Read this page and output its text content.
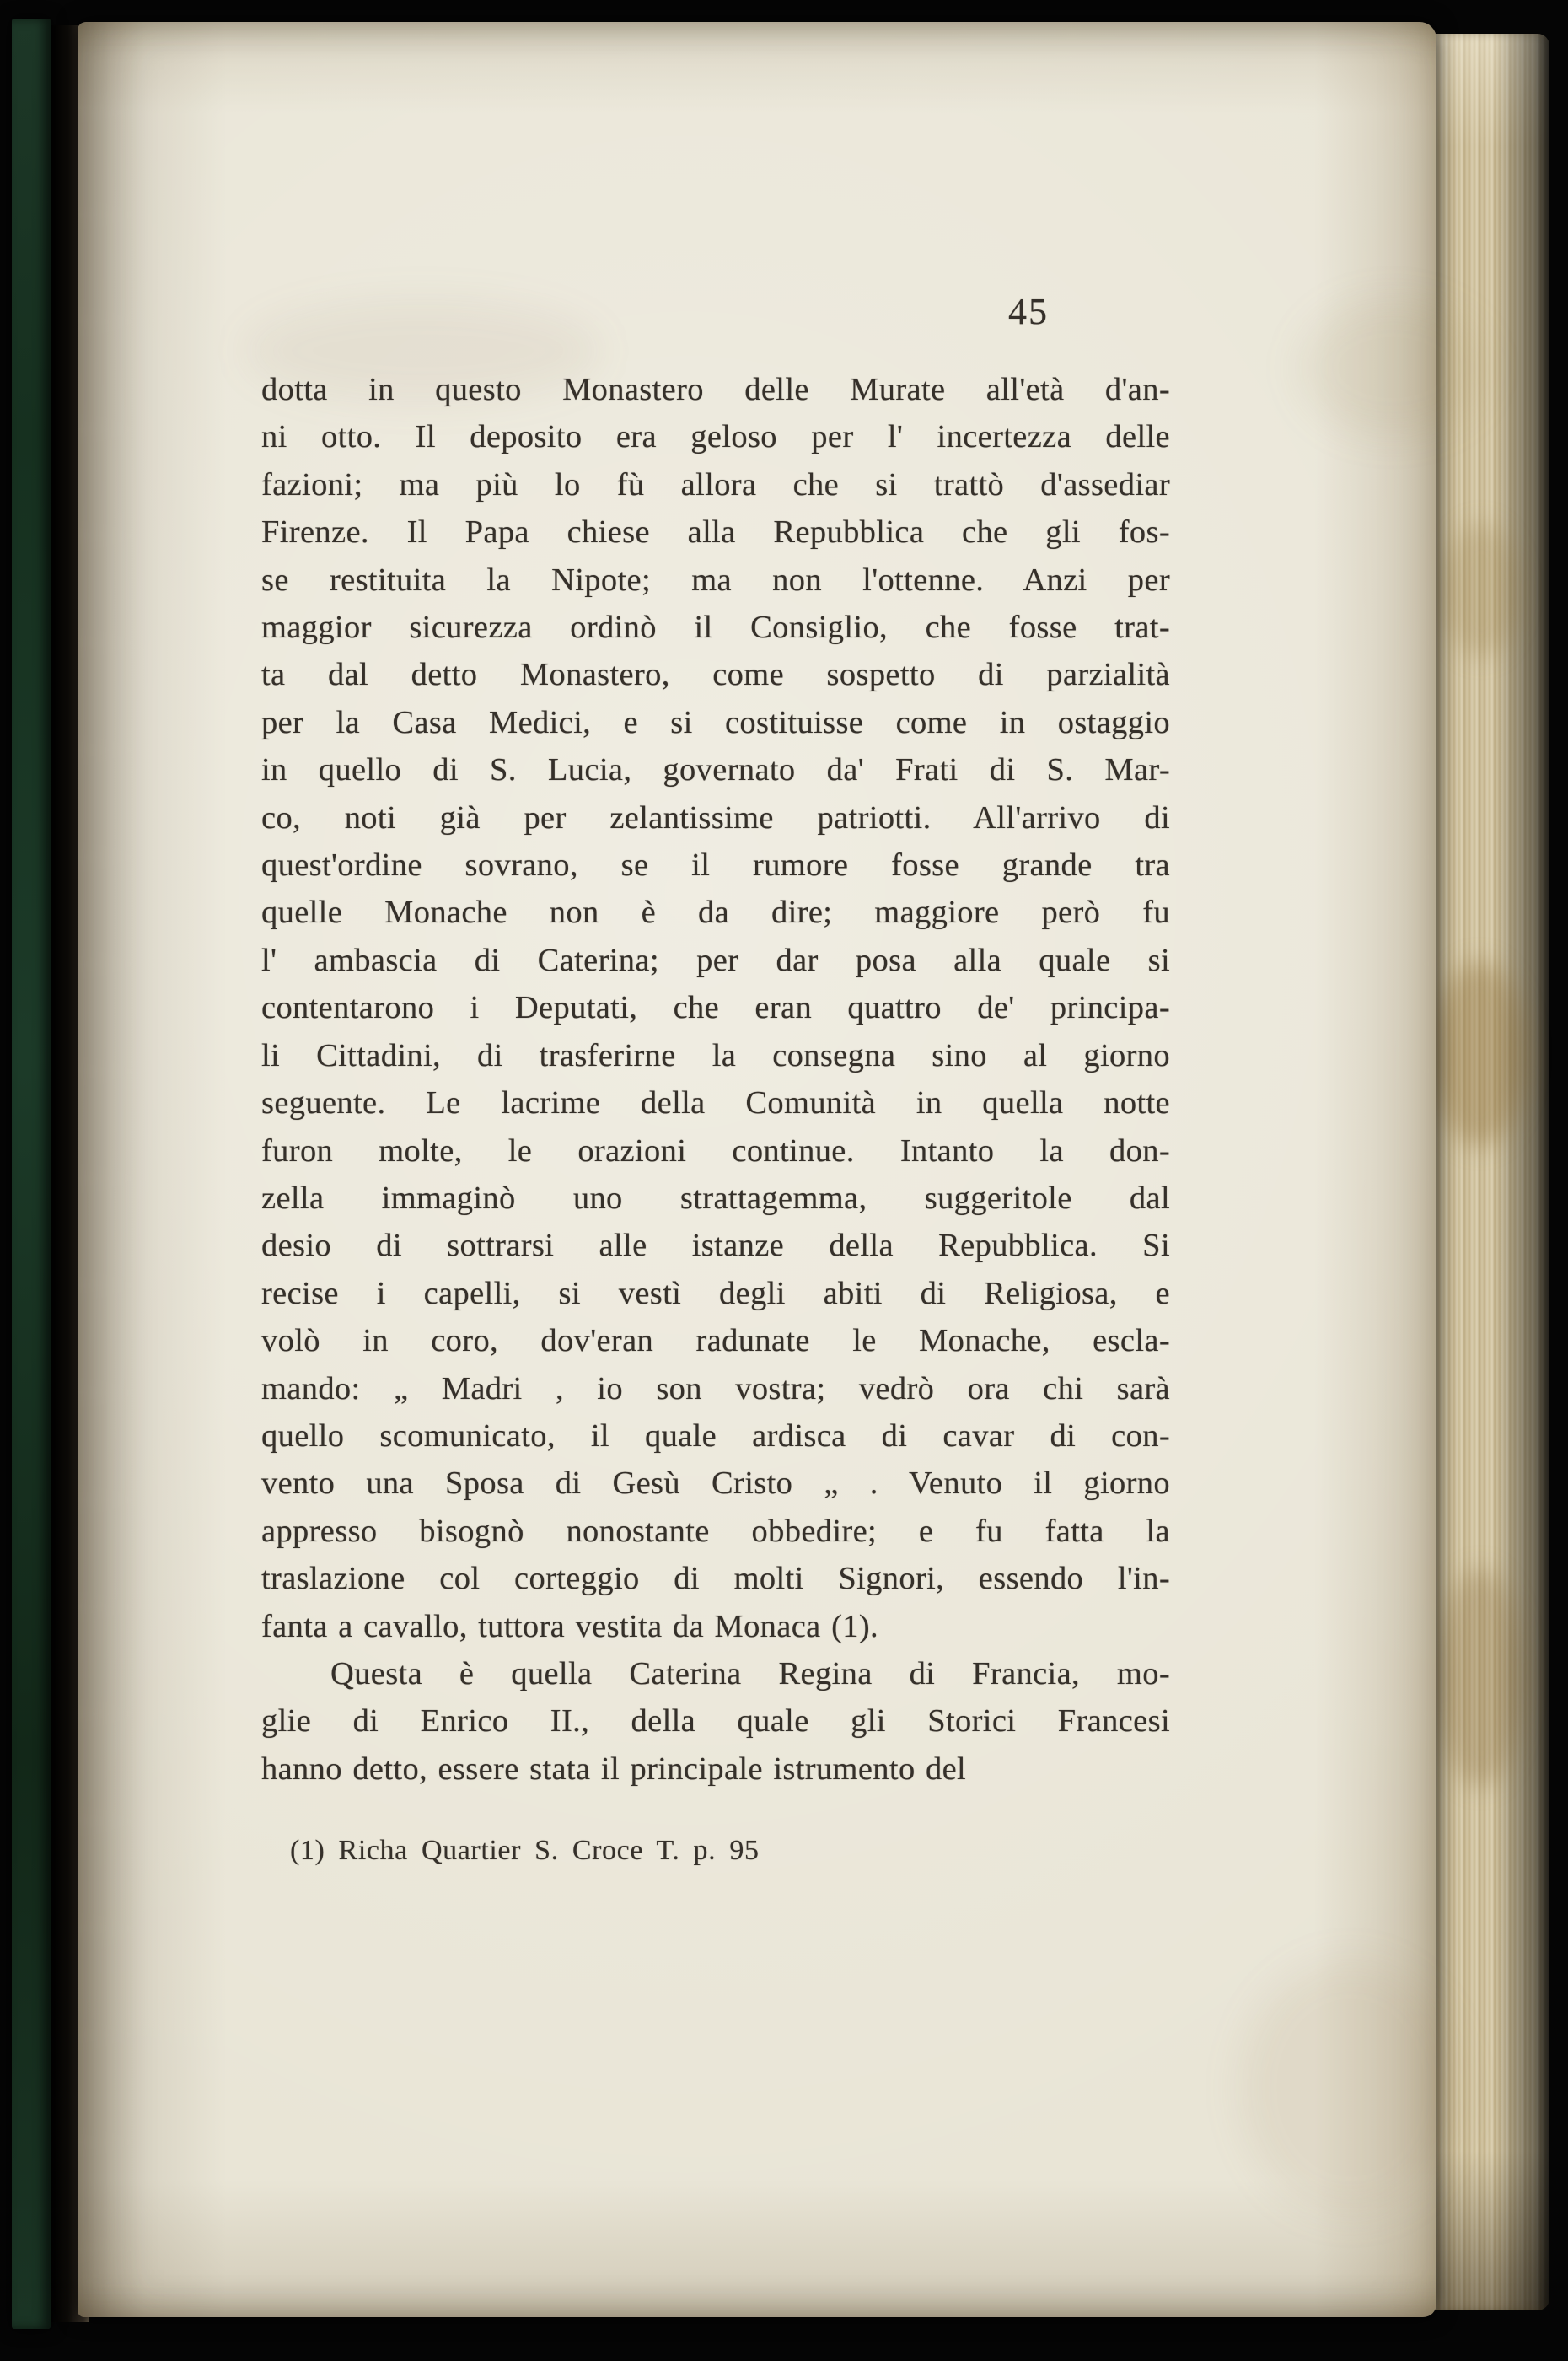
45
dotta in questo Monastero delle Murate all'età d'an-
ni otto. Il deposito era geloso per l' incertezza delle
fazioni; ma più lo fù allora che si trattò d'assediar
Firenze. Il Papa chiese alla Repubblica che gli fos-
se restituita la Nipote; ma non l'ottenne. Anzi per
maggior sicurezza ordinò il Consiglio, che fosse trat-
ta dal detto Monastero, come sospetto di parzialità
per la Casa Medici, e si costituisse come in ostaggio
in quello di S. Lucia, governato da' Frati di S. Mar-
co, noti già per zelantissime patriotti. All'arrivo di
quest'ordine sovrano, se il rumore fosse grande tra
quelle Monache non è da dire; maggiore però fu
l' ambascia di Caterina; per dar posa alla quale si
contentarono i Deputati, che eran quattro de' principa-
li Cittadini, di trasferirne la consegna sino al giorno
seguente. Le lacrime della Comunità in quella notte
furon molte, le orazioni continue. Intanto la don-
zella immaginò uno strattagemma, suggeritole dal
desio di sottrarsi alle istanze della Repubblica. Si
recise i capelli, si vestì degli abiti di Religiosa, e
volò in coro, dov'eran radunate le Monache, escla-
mando: „ Madri , io son vostra; vedrò ora chi sarà
quello scomunicato, il quale ardisca di cavar di con-
vento una Sposa di Gesù Cristo „ . Venuto il giorno
appresso bisognò nonostante obbedire; e fu fatta la
traslazione col corteggio di molti Signori, essendo l'in-
fanta a cavallo, tuttora vestita da Monaca (1).
Questa è quella Caterina Regina di Francia, mo-
glie di Enrico II., della quale gli Storici Francesi
hanno detto, essere stata il principale istrumento del
(1) Richa Quartier S. Croce T. p. 95
